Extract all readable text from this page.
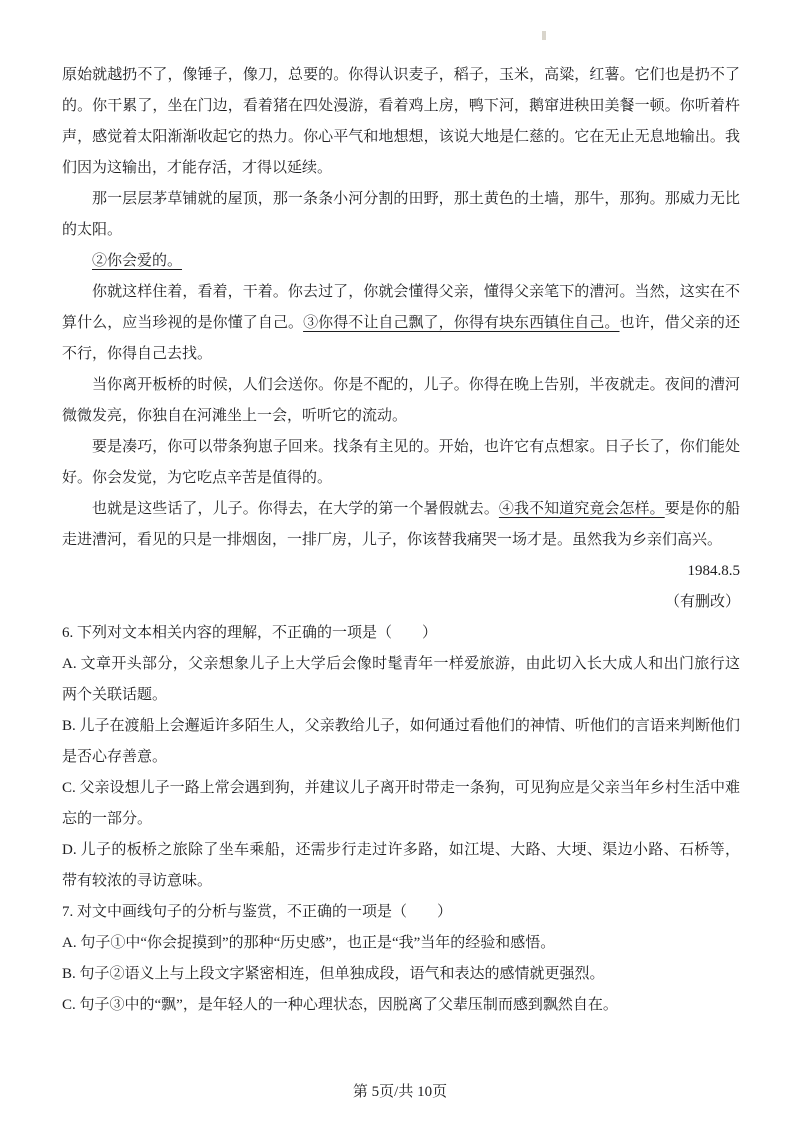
原始就越扔不了，像锤子，像刀，总要的。你得认识麦子，稻子，玉米，高粱，红薯。它们也是扔不了的。你干累了，坐在门边，看着猪在四处漫游，看着鸡上房，鸭下河，鹅窜进秧田美餐一顿。你听着杵声，感觉着太阳渐渐收起它的热力。你心平气和地想想，该说大地是仁慈的。它在无止无息地输出。我们因为这输出，才能存活，才得以延续。

那一层层茅草铺就的屋顶，那一条条小河分割的田野，那土黄色的土墙，那牛，那狗。那威力无比的太阳。

②你会爱的。

你就这样住着，看着，干着。你去过了，你就会懂得父亲，懂得父亲笔下的漕河。当然，这实在不算什么，应当珍视的是你懂了自己。③你得不让自己飘了，你得有块东西镇住自己。也许，借父亲的还不行，你得自己去找。

当你离开板桥的时候，人们会送你。你是不配的，儿子。你得在晚上告别，半夜就走。夜间的漕河微微发亮，你独自在河滩坐上一会，听听它的流动。

要是凑巧，你可以带条狗崽子回来。找条有主见的。开始，也许它有点想家。日子长了，你们能处好。你会发觉，为它吃点辛苦是值得的。

也就是这些话了，儿子。你得去，在大学的第一个暑假就去。④我不知道究竟会怎样。要是你的船走进漕河，看见的只是一排烟囱，一排厂房，儿子，你该替我痛哭一场才是。虽然我为乡亲们高兴。

1984.8.5

（有删改）

6. 下列对文本相关内容的理解，不正确的一项是（　　）

A. 文章开头部分，父亲想象儿子上大学后会像时髦青年一样爱旅游，由此切入长大成人和出门旅行这两个关联话题。

B. 儿子在渡船上会邂逅许多陌生人，父亲教给儿子，如何通过看他们的神情、听他们的言语来判断他们是否心存善意。

C. 父亲设想儿子一路上常会遇到狗，并建议儿子离开时带走一条狗，可见狗应是父亲当年乡村生活中难忘的一部分。

D. 儿子的板桥之旅除了坐车乘船，还需步行走过许多路，如江堤、大路、大埂、渠边小路、石桥等，带有较浓的寻访意味。

7. 对文中画线句子的分析与鉴赏，不正确的一项是（　　）

A. 句子①中“你会捉摸到”的那种“历史感”，也正是“我”当年的经验和感悟。

B. 句子②语义上与上段文字紧密相连，但单独成段，语气和表达的感情就更强烈。

C. 句子③中的“飘”，是年轻人的一种心理状态，因脱离了父辈压制而感到飘然自在。

第 5页/共 10页
